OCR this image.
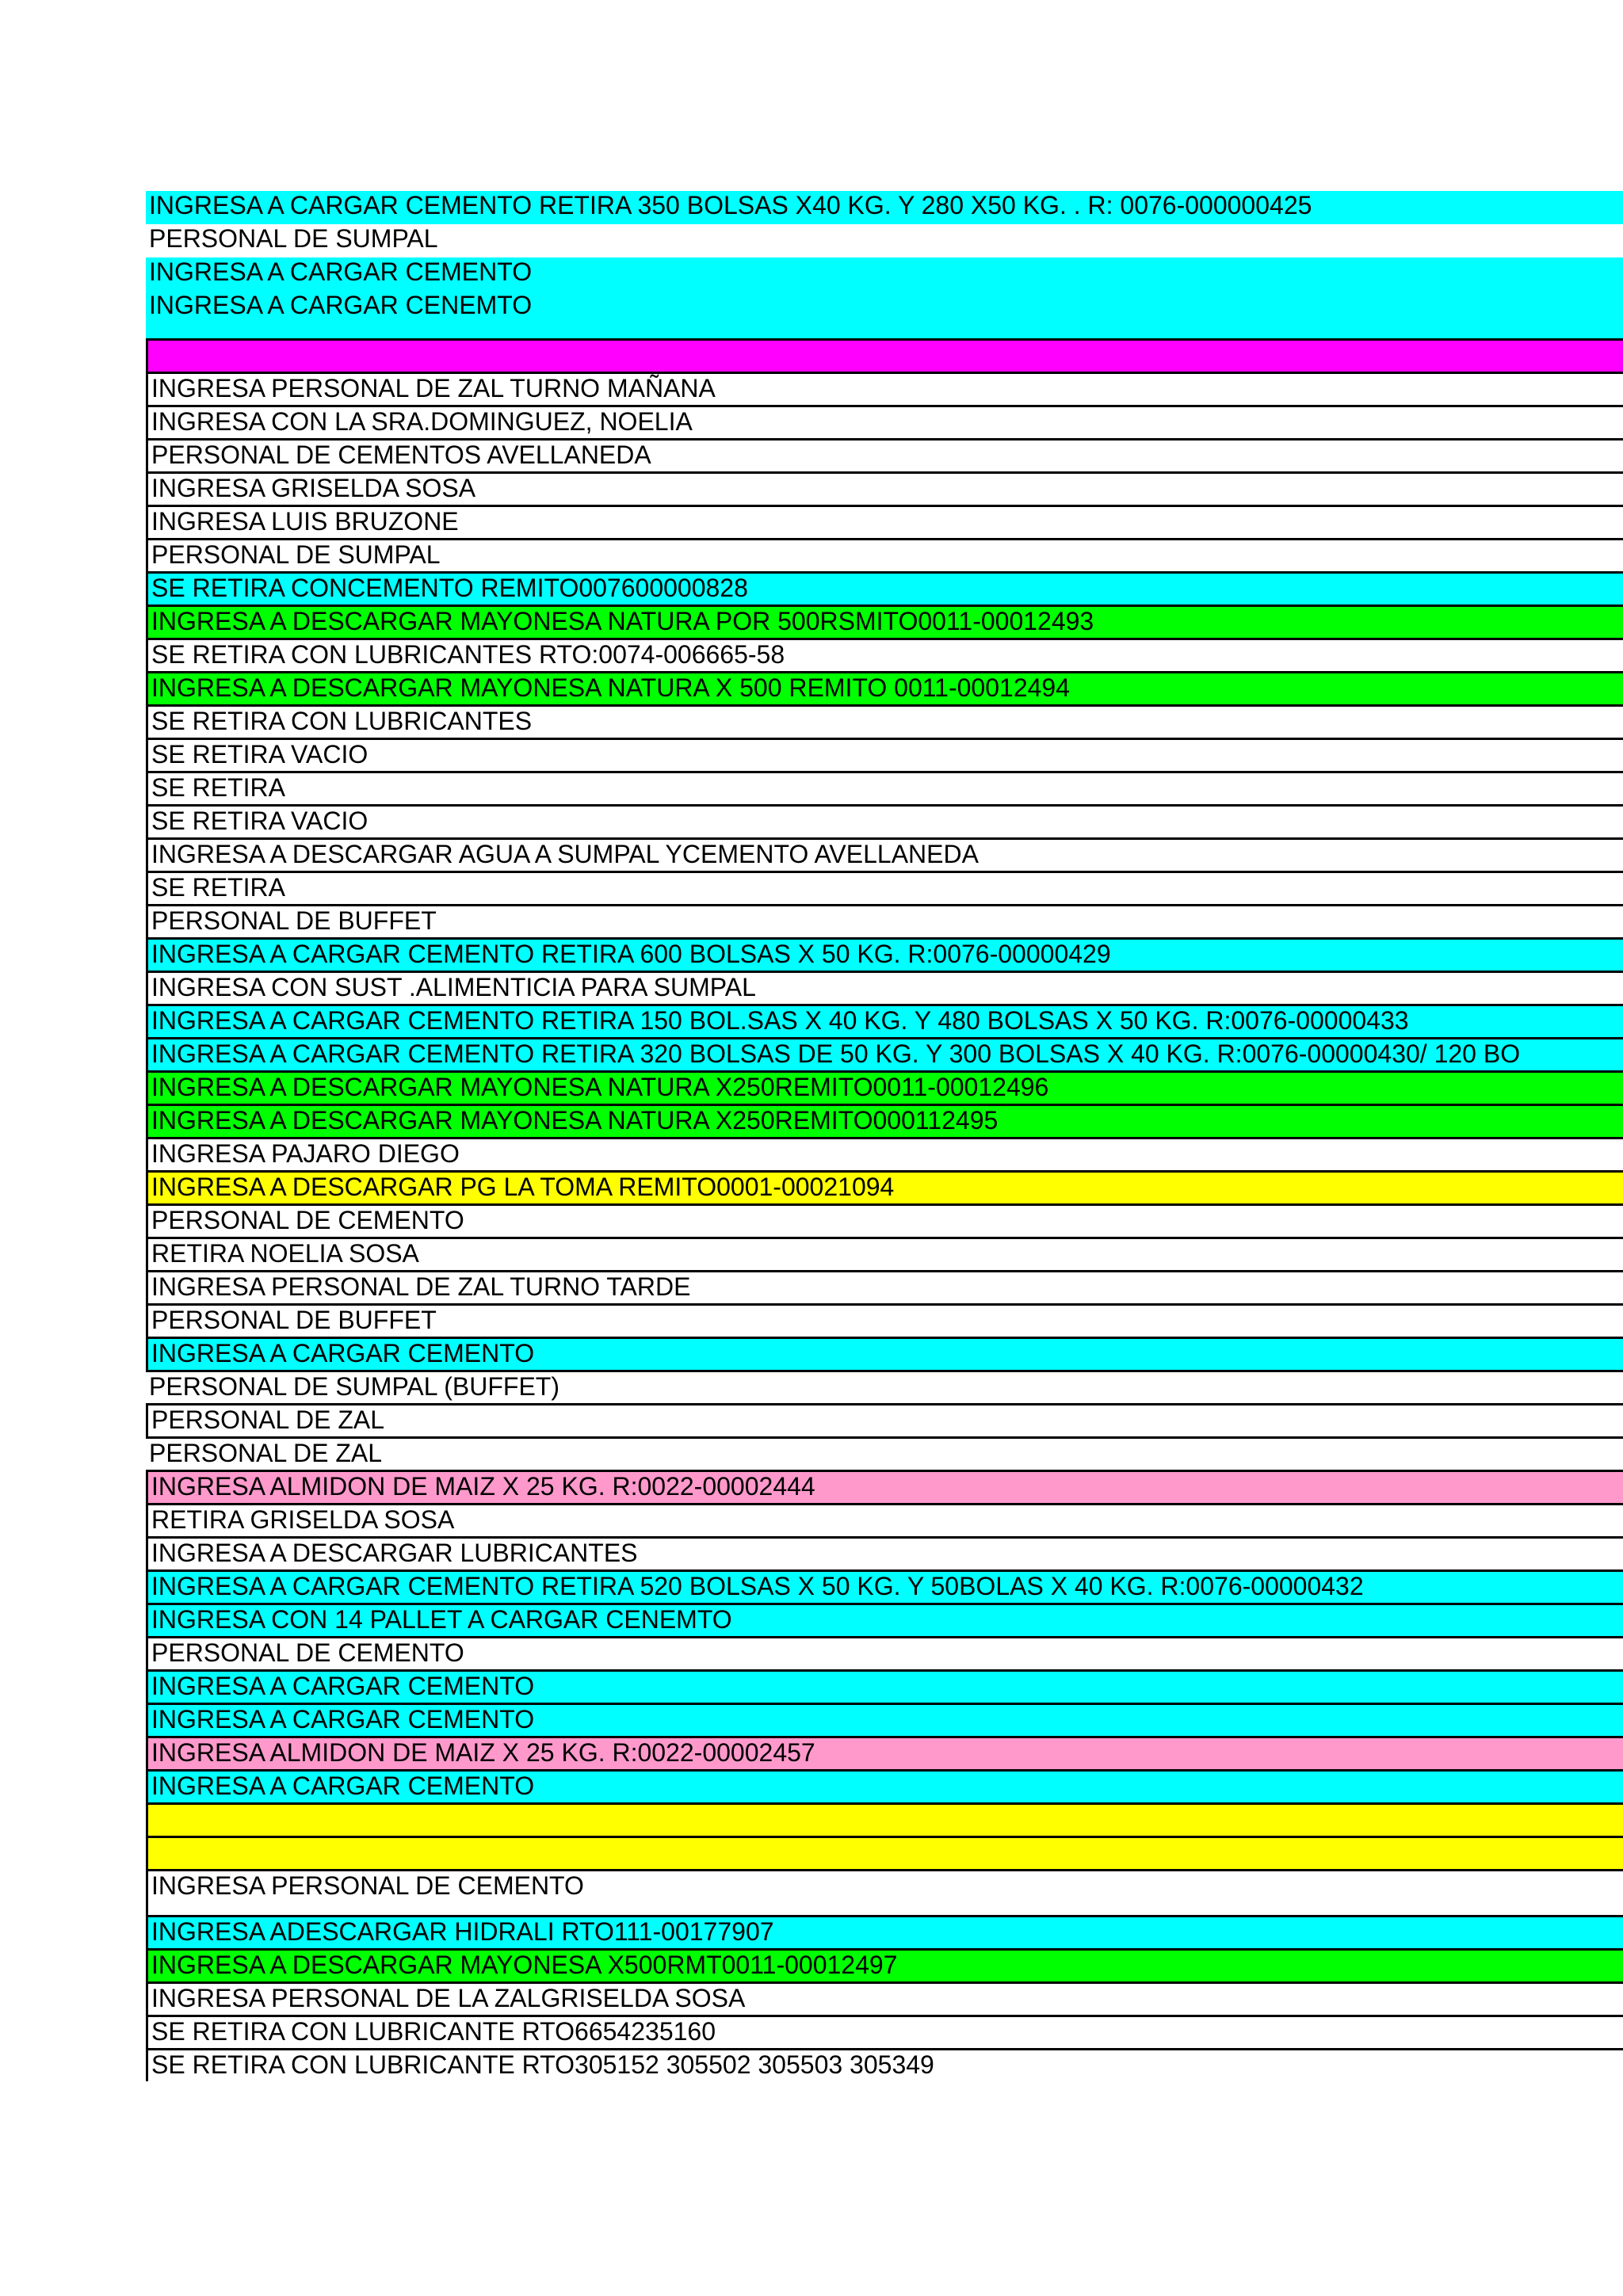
INGRESA A CARGAR CEMENTO RETIRA 350 BOLSAS X40 KG. Y 280 X50 KG. . R: 0076-000000425
PERSONAL DE SUMPAL
INGRESA A CARGAR CEMENTO
INGRESA A CARGAR CENEMTO
INGRESA PERSONAL DE ZAL TURNO MAÑANA
INGRESA CON LA SRA.DOMINGUEZ, NOELIA
PERSONAL DE CEMENTOS AVELLANEDA
INGRESA GRISELDA SOSA
INGRESA LUIS BRUZONE
PERSONAL DE SUMPAL
SE RETIRA CONCEMENTO REMITO007600000828
INGRESA A DESCARGAR MAYONESA NATURA POR 500RSMITO0011-00012493
SE RETIRA CON LUBRICANTES RTO:0074-006665-58
INGRESA A DESCARGAR MAYONESA NATURA X 500 REMITO 0011-00012494
SE RETIRA CON LUBRICANTES
SE RETIRA VACIO
SE RETIRA
SE RETIRA VACIO
INGRESA A DESCARGAR AGUA A SUMPAL YCEMENTO AVELLANEDA
SE RETIRA
PERSONAL DE BUFFET
INGRESA A CARGAR CEMENTO RETIRA 600 BOLSAS X 50 KG. R:0076-00000429
INGRESA CON SUST .ALIMENTICIA PARA SUMPAL
INGRESA A CARGAR CEMENTO RETIRA 150 BOL.SAS X 40 KG. Y 480 BOLSAS X 50 KG. R:0076-00000433
INGRESA A CARGAR CEMENTO RETIRA 320 BOLSAS DE 50 KG. Y 300 BOLSAS X 40 KG. R:0076-00000430/ 120 BO
INGRESA A DESCARGAR MAYONESA NATURA X250REMITO0011-00012496
INGRESA A DESCARGAR MAYONESA NATURA X250REMITO000112495
INGRESA PAJARO DIEGO
INGRESA A DESCARGAR PG LA TOMA REMITO0001-00021094
PERSONAL DE CEMENTO
RETIRA NOELIA SOSA
INGRESA PERSONAL DE ZAL TURNO TARDE
PERSONAL DE BUFFET
INGRESA A CARGAR CEMENTO
PERSONAL DE SUMPAL (BUFFET)
PERSONAL DE ZAL
PERSONAL DE ZAL
INGRESA ALMIDON DE MAIZ X 25 KG. R:0022-00002444
RETIRA GRISELDA SOSA
INGRESA A DESCARGAR LUBRICANTES
INGRESA A CARGAR CEMENTO RETIRA 520 BOLSAS X 50 KG. Y 50BOLAS X 40 KG. R:0076-00000432
INGRESA CON 14 PALLET A CARGAR CENEMTO
PERSONAL DE CEMENTO
INGRESA A CARGAR CEMENTO
INGRESA A CARGAR CEMENTO
INGRESA ALMIDON DE MAIZ X 25 KG. R:0022-00002457
INGRESA A CARGAR CEMENTO
INGRESA PERSONAL DE CEMENTO
INGRESA ADESCARGAR HIDRALI RTO111-00177907
INGRESA A DESCARGAR MAYONESA X500RMT0011-00012497
INGRESA PERSONAL DE LA ZALGRISELDA SOSA
SE RETIRA CON LUBRICANTE RTO6654235160
SE RETIRA CON LUBRICANTE RTO305152 305502 305503 305349
